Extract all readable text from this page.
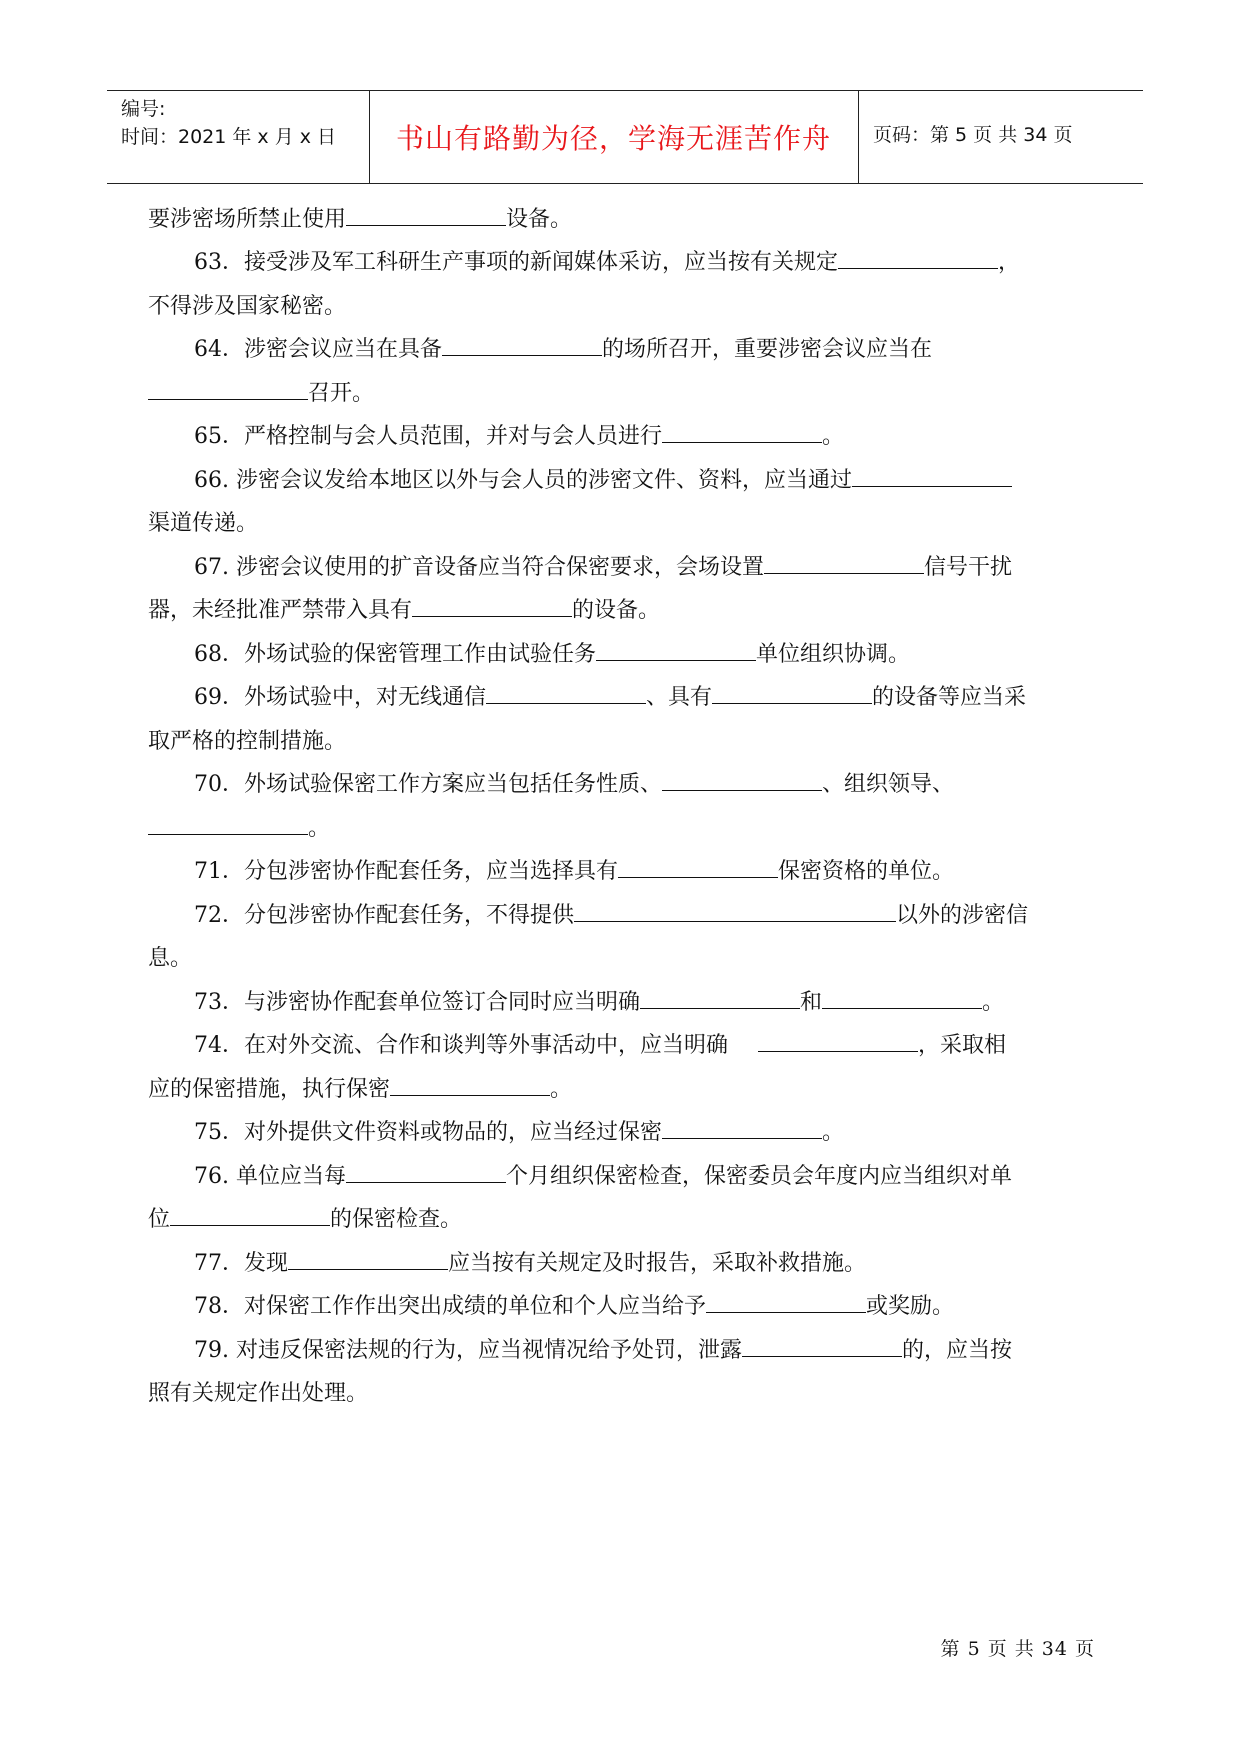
编号:
时间：2021 年 x 月 x 日	书山有路勤为径，学海无涯苦作舟	页码：第 5 页 共 34 页
要涉密场所禁止使用	设备。
63．接受涉及军工科研生产事项的新闻媒体采访，应当按有关规定	，
不得涉及国家秘密。
64．涉密会议应当在具备	的场所召开，重要涉密会议应当在
召开。
65．严格控制与会人员范围，并对与会人员进行	。
66. 涉密会议发给本地区以外与会人员的涉密文件、资料，应当通过
渠道传递。
67. 涉密会议使用的扩音设备应当符合保密要求，会场设置	信号干扰
器，未经批准严禁带入具有	的设备。
68．外场试验的保密管理工作由试验任务	单位组织协调。
69．外场试验中，对无线通信	、具有	的设备等应当采
取严格的控制措施。
70．外场试验保密工作方案应当包括任务性质、	、组织领导、
。
71．分包涉密协作配套任务，应当选择具有	保密资格的单位。
72．分包涉密协作配套任务，不得提供	以外的涉密信
息。
73．与涉密协作配套单位签订合同时应当明确	和	。
74．在对外交流、合作和谈判等外事活动中，应当明确	，采取相
应的保密措施，执行保密	。
75．对外提供文件资料或物品的，应当经过保密	。
76. 单位应当每	个月组织保密检查，保密委员会年度内应当组织对单
位	的保密检查。
77．发现	应当按有关规定及时报告，采取补救措施。
78．对保密工作作出突出成绩的单位和个人应当给予	或奖励。
79. 对违反保密法规的行为，应当视情况给予处罚，泄露	的，应当按
照有关规定作出处理。
第 5 页 共 34 页
